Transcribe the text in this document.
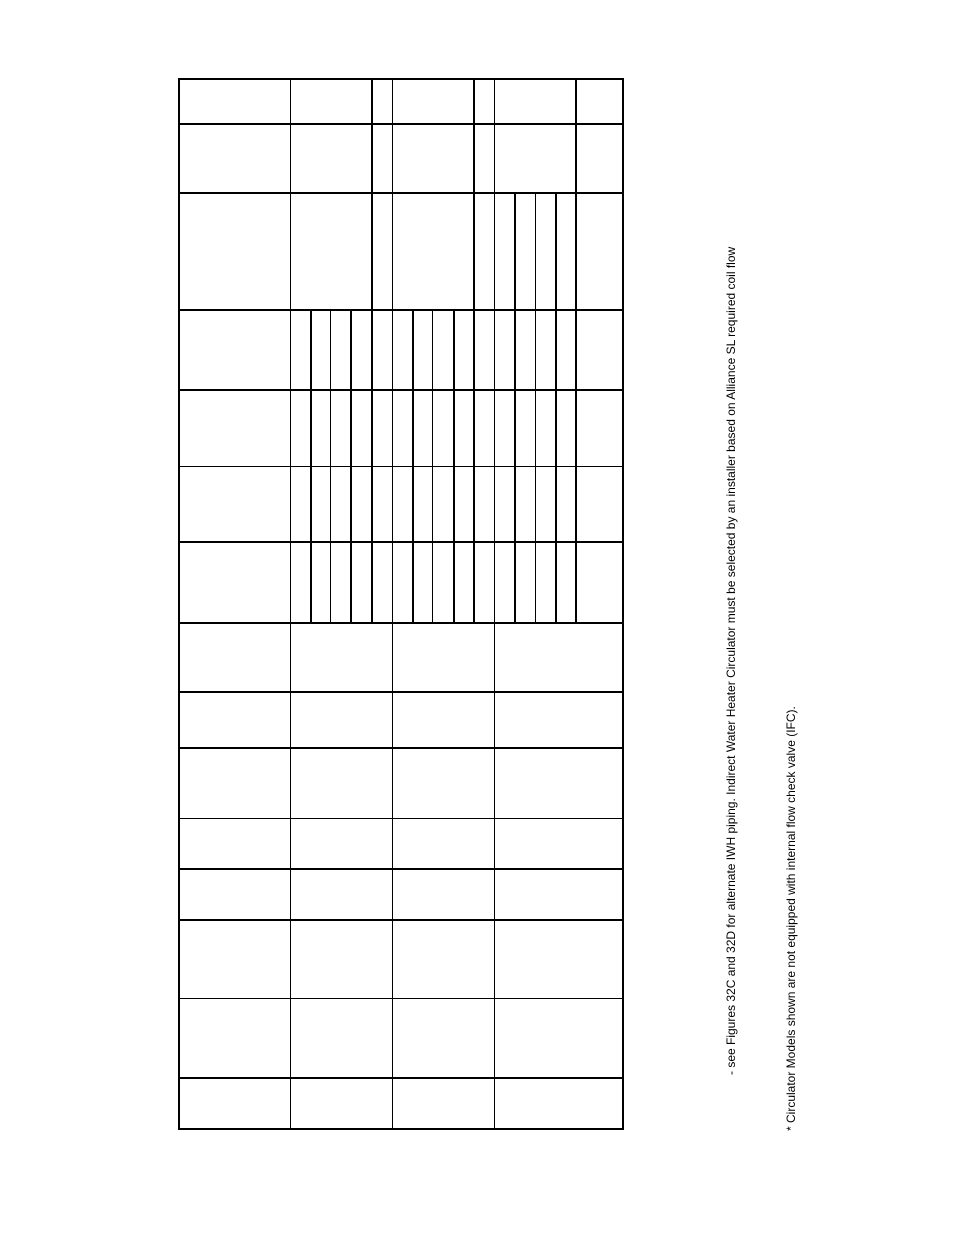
- see Figures 32C and 32D for alternate IWH piping. Indirect Water Heater Circulator must be selected by an installer based on Alliance SL required coil flow	* Circulator Models shown are not equipped with internal flow check valve (IFC).
